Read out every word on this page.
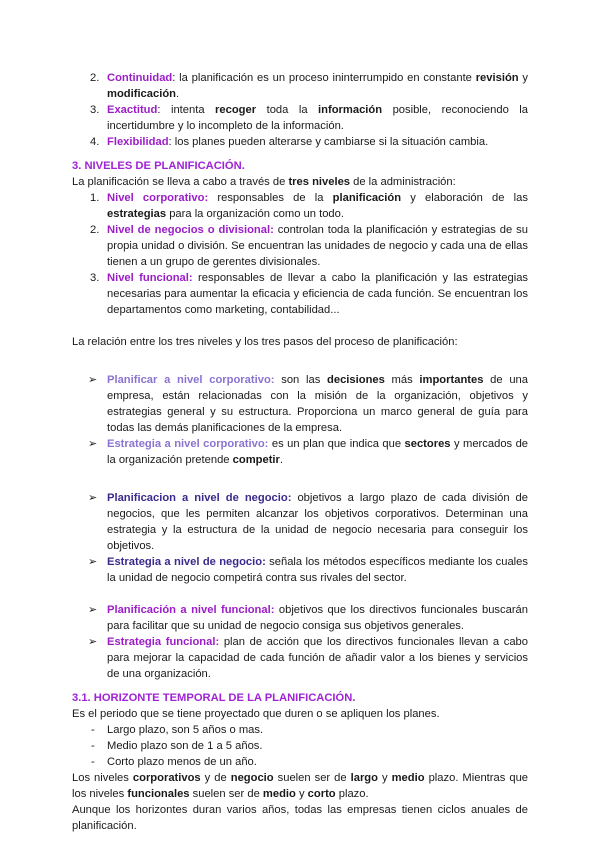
2. Continuidad: la planificación es un proceso ininterrumpido en constante revisión y modificación.
3. Exactitud: intenta recoger toda la información posible, reconociendo la incertidumbre y lo incompleto de la información.
4. Flexibilidad: los planes pueden alterarse y cambiarse si la situación cambia.
3. NIVELES DE PLANIFICACIÓN.
La planificación se lleva a cabo a través de tres niveles de la administración:
1. Nivel corporativo: responsables de la planificación y elaboración de las estrategias para la organización como un todo.
2. Nivel de negocios o divisional: controlan toda la planificación y estrategias de su propia unidad o división. Se encuentran las unidades de negocio y cada una de ellas tienen a un grupo de gerentes divisionales.
3. Nivel funcional: responsables de llevar a cabo la planificación y las estrategias necesarias para aumentar la eficacia y eficiencia de cada función. Se encuentran los departamentos como marketing, contabilidad...
La relación entre los tres niveles y los tres pasos del proceso de planificación:
➢ Planificar a nivel corporativo: son las decisiones más importantes de una empresa, están relacionadas con la misión de la organización, objetivos y estrategias general y su estructura. Proporciona un marco general de guía para todas las demás planificaciones de la empresa.
➢ Estrategia a nivel corporativo: es un plan que indica que sectores y mercados de la organización pretende competir.
➢ Planificacion a nivel de negocio: objetivos a largo plazo de cada división de negocios, que les permiten alcanzar los objetivos corporativos. Determinan una estrategia y la estructura de la unidad de negocio necesaria para conseguir los objetivos.
➢ Estrategia a nivel de negocio: señala los métodos específicos mediante los cuales la unidad de negocio competirá contra sus rivales del sector.
➢ Planificación a nivel funcional: objetivos que los directivos funcionales buscarán para facilitar que su unidad de negocio consiga sus objetivos generales.
➢ Estrategia funcional: plan de acción que los directivos funcionales llevan a cabo para mejorar la capacidad de cada función de añadir valor a los bienes y servicios de una organización.
3.1. HORIZONTE TEMPORAL DE LA PLANIFICACIÓN.
Es el periodo que se tiene proyectado que duren o se apliquen los planes.
- Largo plazo, son 5 años o mas.
- Medio plazo son de 1 a 5 años.
- Corto plazo menos de un año.
Los niveles corporativos y de negocio suelen ser de largo y medio plazo. Mientras que los niveles funcionales suelen ser de medio y corto plazo.
Aunque los horizontes duran varios años, todas las empresas tienen ciclos anuales de planificación.
